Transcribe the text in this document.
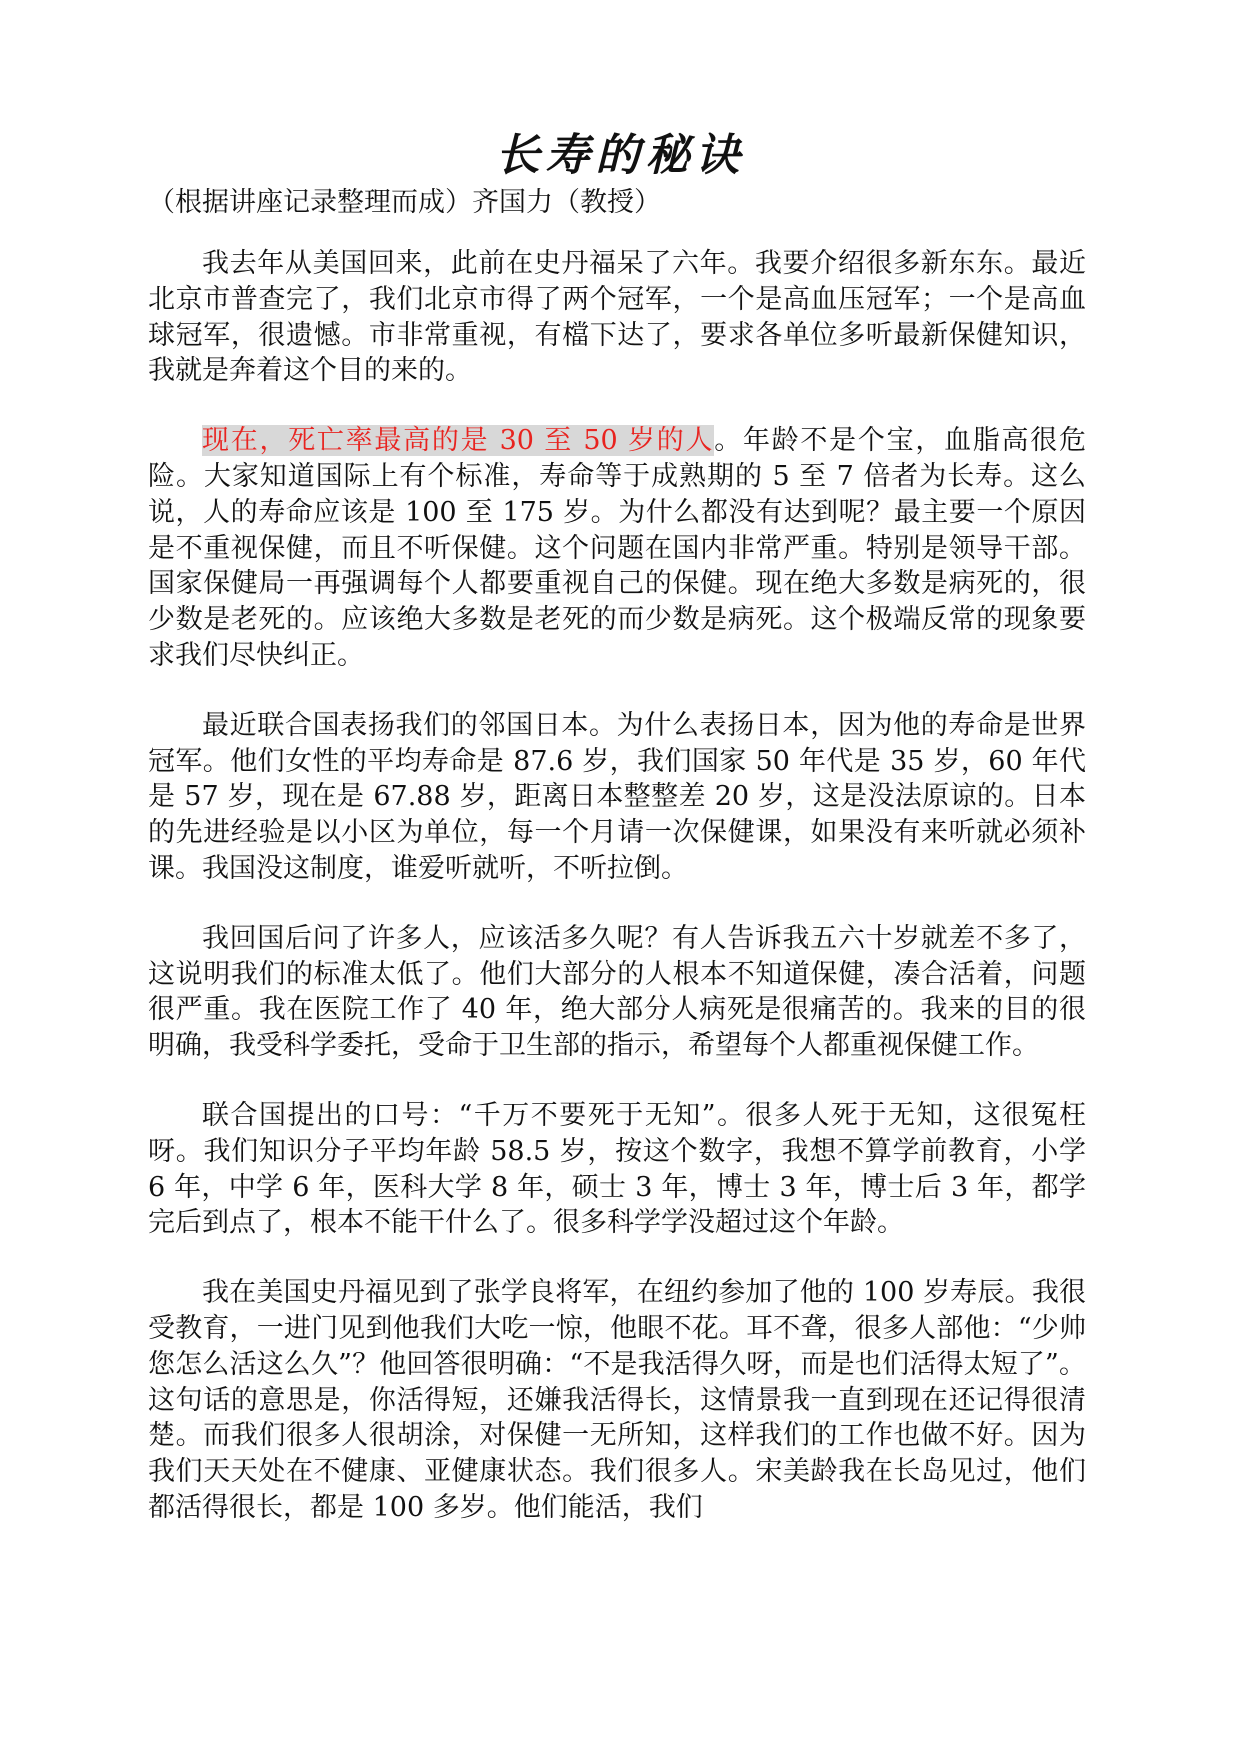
长寿的秘诀

（根据讲座记录整理而成）齐国力（教授）

我去年从美国回来，此前在史丹福呆了六年。我要介绍很多新东东。最近北京市普查完了，我们北京市得了两个冠军，一个是高血压冠军；一个是高血球冠军，很遗憾。市非常重视，有檔下达了，要求各单位多听最新保健知识，我就是奔着这个目的来的。

现在，死亡率最高的是 30 至 50 岁的人。年龄不是个宝，血脂高很危险。大家知道国际上有个标准，寿命等于成熟期的 5 至 7 倍者为长寿。这么说，人的寿命应该是 100 至 175 岁。为什么都没有达到呢？最主要一个原因是不重视保健，而且不听保健。这个问题在国内非常严重。特别是领导干部。国家保健局一再强调每个人都要重视自己的保健。现在绝大多数是病死的，很少数是老死的。应该绝大多数是老死的而少数是病死。这个极端反常的现象要求我们尽快纠正。

最近联合国表扬我们的邻国日本。为什么表扬日本，因为他的寿命是世界冠军。他们女性的平均寿命是 87.6 岁，我们国家 50 年代是 35 岁，60 年代是 57 岁，现在是 67.88 岁，距离日本整整差 20 岁，这是没法原谅的。日本的先进经验是以小区为单位，每一个月请一次保健课，如果没有来听就必须补课。我国没这制度，谁爱听就听，不听拉倒。

我回国后问了许多人，应该活多久呢？有人告诉我五六十岁就差不多了，这说明我们的标准太低了。他们大部分的人根本不知道保健，凑合活着，问题很严重。我在医院工作了 40 年，绝大部分人病死是很痛苦的。我来的目的很明确，我受科学委托，受命于卫生部的指示，希望每个人都重视保健工作。

联合国提出的口号：“千万不要死于无知”。很多人死于无知，这很冤枉呀。我们知识分子平均年龄 58.5 岁，按这个数字，我想不算学前教育，小学 6 年，中学 6 年，医科大学 8 年，硕士 3 年，博士 3 年，博士后 3 年，都学完后到点了，根本不能干什么了。很多科学学没超过这个年龄。

我在美国史丹福见到了张学良将军，在纽约参加了他的 100 岁寿辰。我很受教育，一进门见到他我们大吃一惊，他眼不花。耳不聋，很多人部他：“少帅您怎么活这么久”？他回答很明确：“不是我活得久呀，而是也们活得太短了”。这句话的意思是，你活得短，还嫌我活得长，这情景我一直到现在还记得很清楚。而我们很多人很胡涂，对保健一无所知，这样我们的工作也做不好。因为我们天天处在不健康、亚健康状态。我们很多人。宋美龄我在长岛见过，他们都活得很长，都是 100 多岁。他们能活，我们
